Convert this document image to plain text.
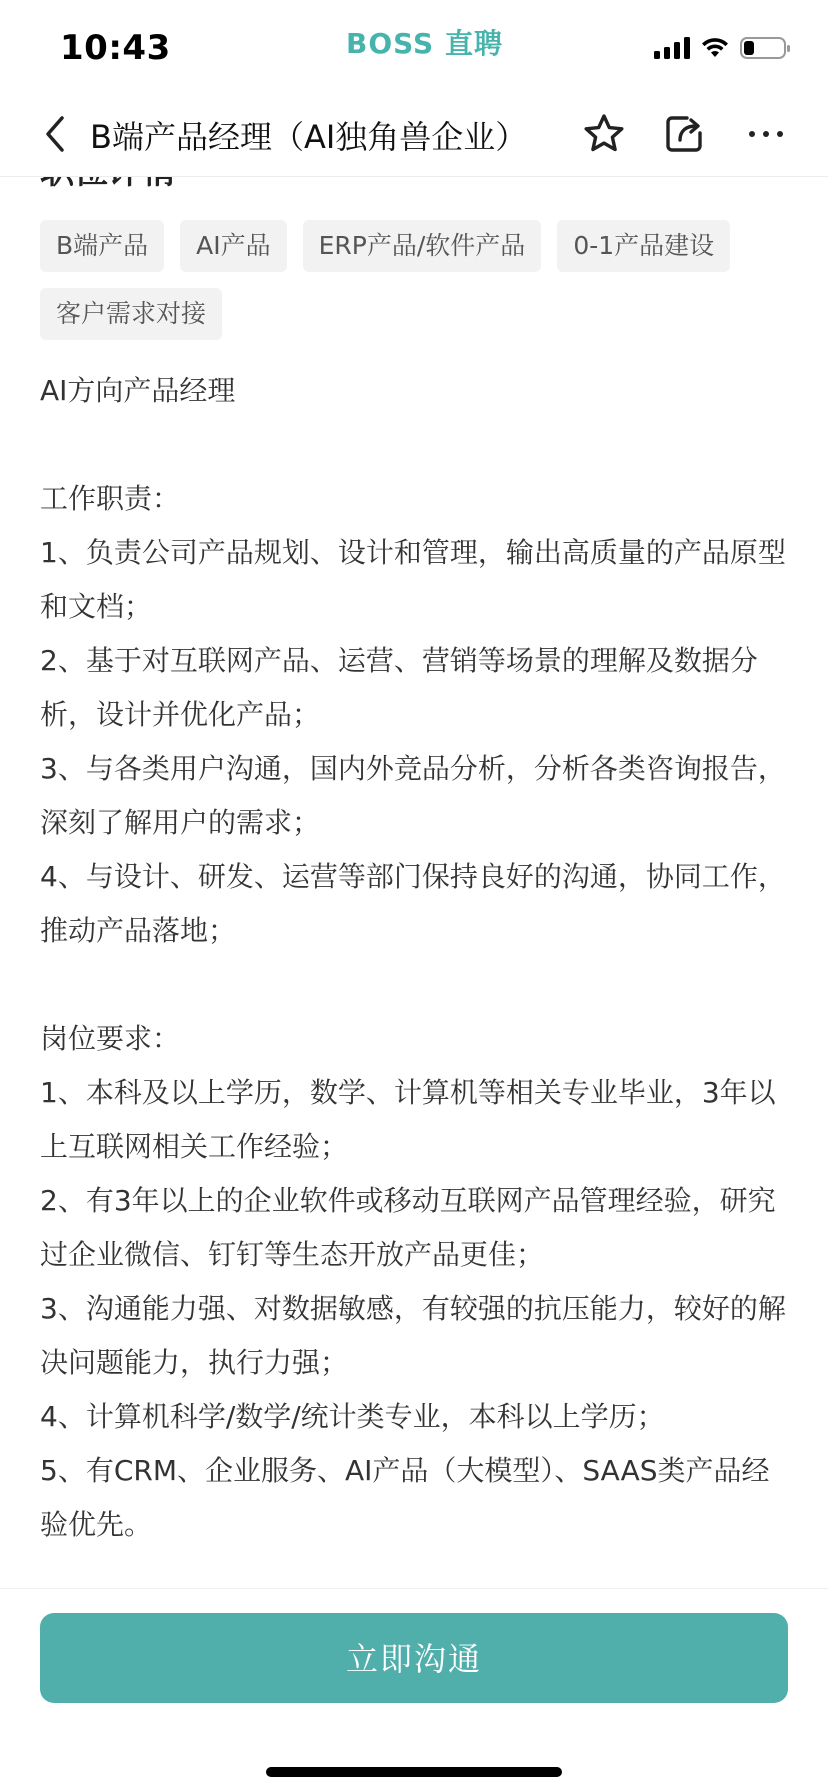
10:43	BOSS 直聘
B端产品经理（AI独角兽企业）
B端产品	AI产品	ERP产品/软件产品	0-1产品建设
客户需求对接

AI方向产品经理

工作职责：

1、负责公司产品规划、设计和管理，输出高质量的产品原型和文档；

2、基于对互联网产品、运营、营销等场景的理解及数据分析，设计并优化产品；

3、与各类用户沟通，国内外竞品分析，分析各类咨询报告，深刻了解用户的需求；

4、与设计、研发、运营等部门保持良好的沟通，协同工作，推动产品落地；

岗位要求：

1、本科及以上学历，数学、计算机等相关专业毕业，3年以上互联网相关工作经验；

2、有3年以上的企业软件或移动互联网产品管理经验，研究过企业微信、钉钉等生态开放产品更佳；

3、沟通能力强、对数据敏感，有较强的抗压能力，较好的解决问题能力，执行力强；

4、计算机科学/数学/统计类专业，本科以上学历；

5、有CRM、企业服务、AI产品（大模型）、SAAS类产品经验优先。

立即沟通
